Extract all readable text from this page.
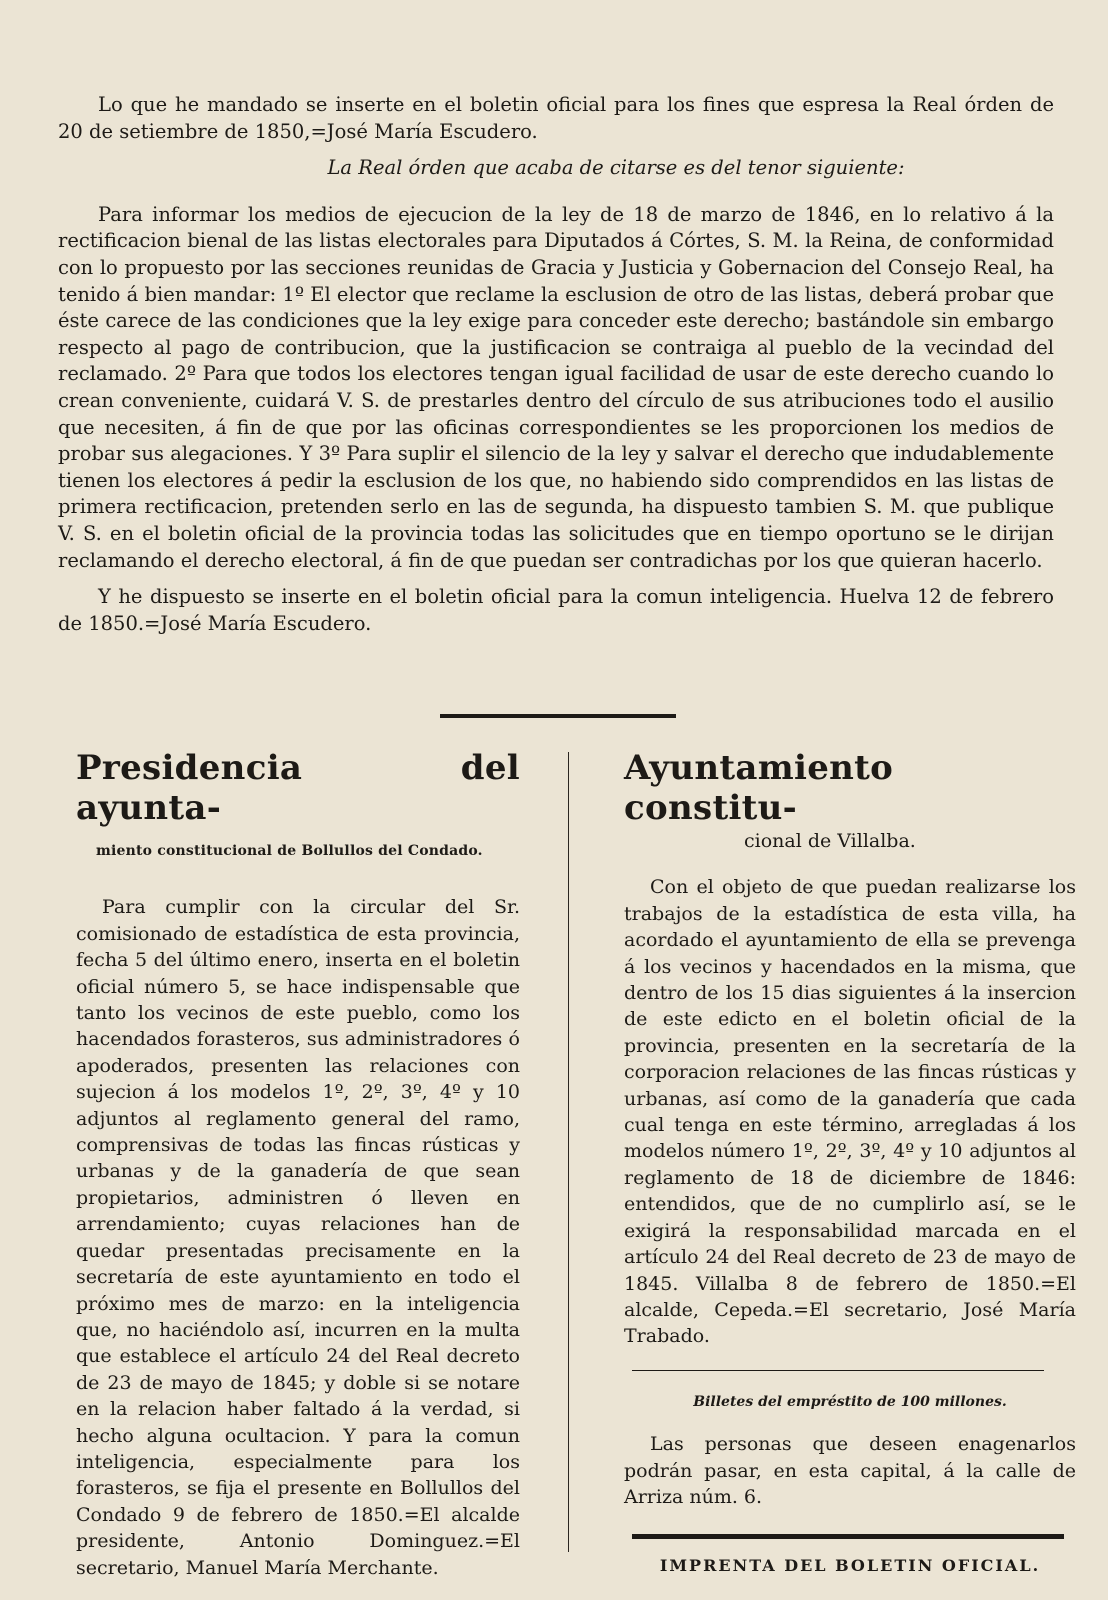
Lo que he mandado se inserte en el boletin oficial para los fines que espresa la Real órden de 20 de setiembre de 1850,=José María Escudero.

La Real órden que acaba de citarse es del tenor siguiente:

Para informar los medios de ejecucion de la ley de 18 de marzo de 1846, en lo relativo á la rectificacion bienal de las listas electorales para Diputados á Córtes, S. M. la Reina, de conformidad con lo propuesto por las secciones reunidas de Gracia y Justicia y Gobernacion del Consejo Real, ha tenido á bien mandar: 1º El elector que reclame la esclusion de otro de las listas, deberá probar que éste carece de las condiciones que la ley exige para conceder este derecho; bastándole sin embargo respecto al pago de contribucion, que la justificacion se contraiga al pueblo de la vecindad del reclamado. 2º Para que todos los electores tengan igual facilidad de usar de este derecho cuando lo crean conveniente, cuidará V. S. de prestarles dentro del círculo de sus atribuciones todo el ausilio que necesiten, á fin de que por las oficinas correspondientes se les proporcionen los medios de probar sus alegaciones. Y 3º Para suplir el silencio de la ley y salvar el derecho que indudablemente tienen los electores á pedir la esclusion de los que, no habiendo sido comprendidos en las listas de primera rectificacion, pretenden serlo en las de segunda, ha dispuesto tambien S. M. que publique V. S. en el boletin oficial de la provincia todas las solicitudes que en tiempo oportuno se le dirijan reclamando el derecho electoral, á fin de que puedan ser contradichas por los que quieran hacerlo.

Y he dispuesto se inserte en el boletin oficial para la comun inteligencia. Huelva 12 de febrero de 1850.=José María Escudero.

Presidencia del ayunta-
miento constitucional de Bollullos del Condado.

Para cumplir con la circular del Sr. comisionado de estadística de esta provincia, fecha 5 del último enero, inserta en el boletin oficial número 5, se hace indispensable que tanto los vecinos de este pueblo, como los hacendados forasteros, sus administradores ó apoderados, presenten las relaciones con sujecion á los modelos 1º, 2º, 3º, 4º y 10 adjuntos al reglamento general del ramo, comprensivas de todas las fincas rústicas y urbanas y de la ganadería de que sean propietarios, administren ó lleven en arrendamiento; cuyas relaciones han de quedar presentadas precisamente en la secretaría de este ayuntamiento en todo el próximo mes de marzo: en la inteligencia que, no haciéndolo así, incurren en la multa que establece el artículo 24 del Real decreto de 23 de mayo de 1845; y doble si se notare en la relacion haber faltado á la verdad, si hecho alguna ocultacion. Y para la comun inteligencia, especialmente para los forasteros, se fija el presente en Bollullos del Condado 9 de febrero de 1850.=El alcalde presidente, Antonio Dominguez.=El secretario, Manuel María Merchante.

Ayuntamiento constitu-
cional de Villalba.

Con el objeto de que puedan realizarse los trabajos de la estadística de esta villa, ha acordado el ayuntamiento de ella se prevenga á los vecinos y hacendados en la misma, que dentro de los 15 dias siguientes á la insercion de este edicto en el boletin oficial de la provincia, presenten en la secretaría de la corporacion relaciones de las fincas rústicas y urbanas, así como de la ganadería que cada cual tenga en este término, arregladas á los modelos número 1º, 2º, 3º, 4º y 10 adjuntos al reglamento de 18 de diciembre de 1846: entendidos, que de no cumplirlo así, se le exigirá la responsabilidad marcada en el artículo 24 del Real decreto de 23 de mayo de 1845. Villalba 8 de febrero de 1850.=El alcalde, Cepeda.=El secretario, José María Trabado.

Billetes del empréstito de 100 millones.

Las personas que deseen enagenarlos podrán pasar, en esta capital, á la calle de Arriza núm. 6.

IMPRENTA DEL BOLETIN OFICIAL.
